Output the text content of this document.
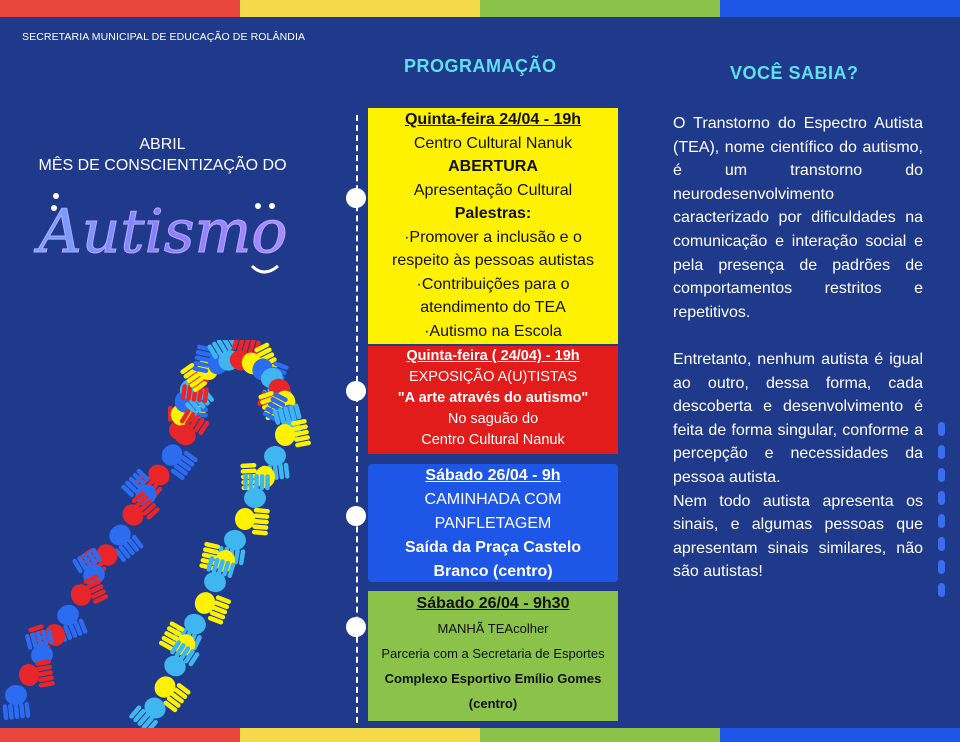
SECRETARIA MUNICIPAL DE EDUCAÇÃO DE ROLÂNDIA
ABRIL
MÊS DE CONSCIENTIZAÇÃO DO
Autismo
PROGRAMAÇÃO	VOCÊ SABIA?
Quinta-feira 24/04 - 19h
Centro Cultural Nanuk
ABERTURA
Apresentação Cultural
Palestras:
·Promover a inclusão e o
respeito às pessoas autistas
·Contribuições para o
atendimento do TEA
·Autismo na Escola
Quinta-feira ( 24/04) - 19h
EXPOSIÇÃO A(U)TISTAS
"A arte através do autismo"
No saguão do
Centro Cultural Nanuk
Sábado 26/04 - 9h
CAMINHADA COM
PANFLETAGEM
Saída da Praça Castelo
Branco (centro)
Sábado 26/04 - 9h30
MANHÃ TEAcolher
Parceria com a Secretaria de Esportes
Complexo Esportivo Emílio Gomes
(centro)

O Transtorno do Espectro Autista (TEA), nome científico do autismo, é um transtorno do neurodesenvolvimento caracterizado por dificuldades na comunicação e interação social e pela presença de padrões de comportamentos restritos e repetitivos.

Entretanto, nenhum autista é igual ao outro, dessa forma, cada descoberta e desenvolvimento é feita de forma singular, conforme a percepção e necessidades da pessoa autista.

Nem todo autista apresenta os sinais, e algumas pessoas que apresentam sinais similares, não são autistas!
